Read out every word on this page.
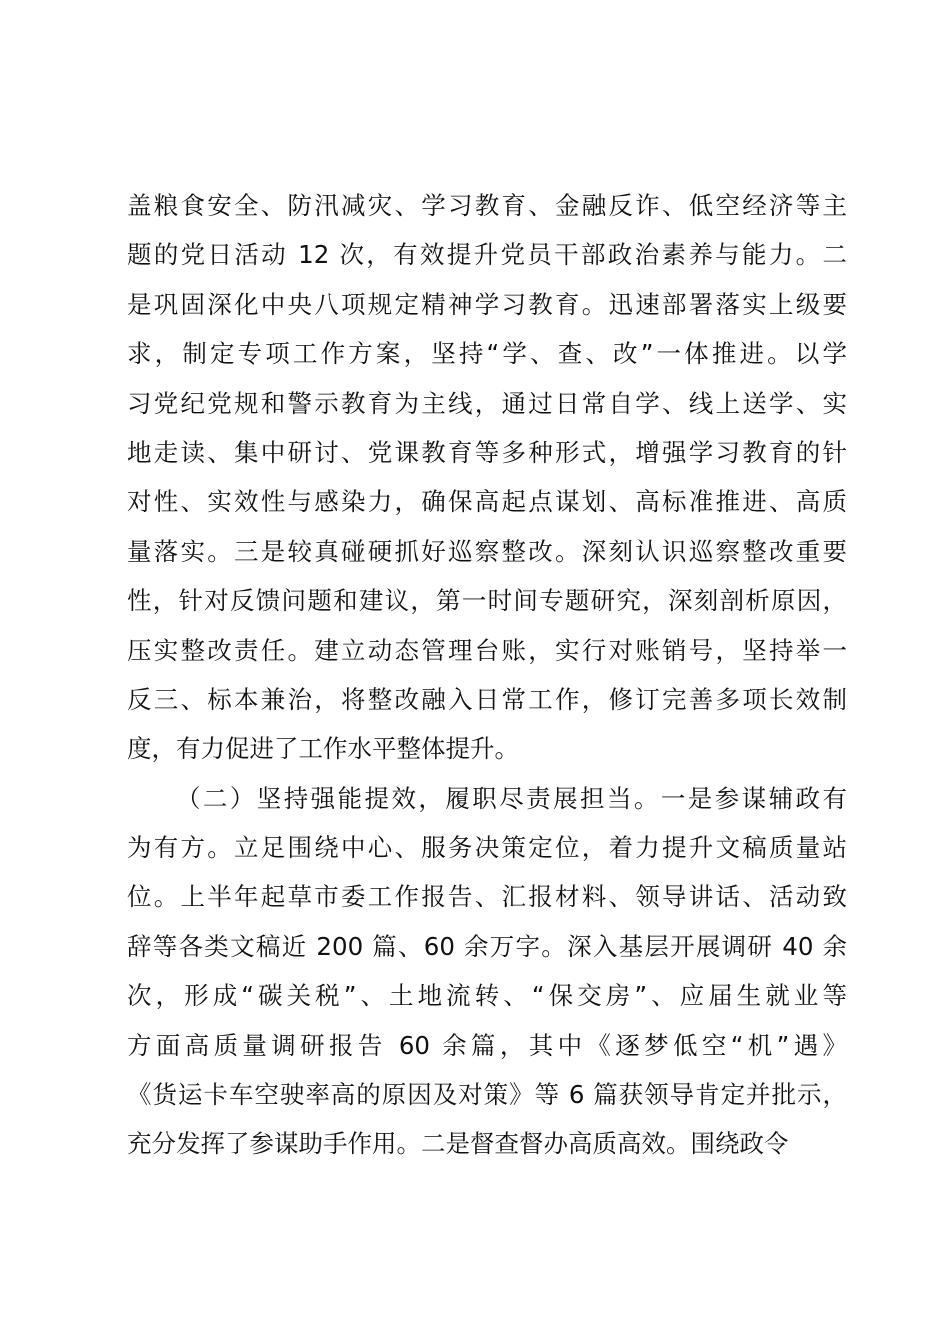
盖粮食安全、防汛减灾、学习教育、金融反诈、低空经济等主
题的党日活动 12 次，有效提升党员干部政治素养与能力。二
是巩固深化中央八项规定精神学习教育。迅速部署落实上级要
求，制定专项工作方案，坚持“学、查、改”一体推进。以学
习党纪党规和警示教育为主线，通过日常自学、线上送学、实
地走读、集中研讨、党课教育等多种形式，增强学习教育的针
对性、实效性与感染力，确保高起点谋划、高标准推进、高质
量落实。三是较真碰硬抓好巡察整改。深刻认识巡察整改重要
性，针对反馈问题和建议，第一时间专题研究，深刻剖析原因，
压实整改责任。建立动态管理台账，实行对账销号，坚持举一
反三、标本兼治，将整改融入日常工作，修订完善多项长效制
度，有力促进了工作水平整体提升。
（二）坚持强能提效，履职尽责展担当。一是参谋辅政有
为有方。立足围绕中心、服务决策定位，着力提升文稿质量站
位。上半年起草市委工作报告、汇报材料、领导讲话、活动致
辞等各类文稿近 200 篇、60 余万字。深入基层开展调研 40 余
次，形成“碳关税”、土地流转、“保交房”、应届生就业等
方面高质量调研报告 60 余篇，其中《逐梦低空“机”遇》
《货运卡车空驶率高的原因及对策》等 6 篇获领导肯定并批示，
充分发挥了参谋助手作用。二是督查督办高质高效。围绕政令
